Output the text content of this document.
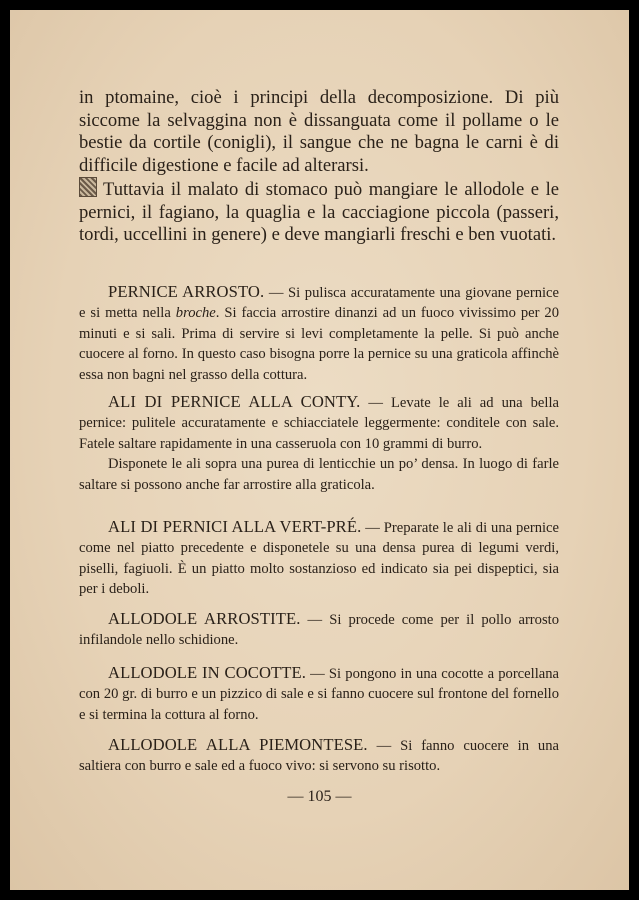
in ptomaine, cioè i principi della decomposizione. Di più siccome la selvaggina non è dissanguata come il pollame o le bestie da cortile (conigli), il sangue che ne bagna le carni è di difficile digestione e facile ad alterarsi.
Tuttavia il malato di stomaco può mangiare le allodole e le pernici, il fagiano, la quaglia e la cacciagione piccola (passeri, tordi, uccellini in genere) e deve mangiarli freschi e ben vuotati.

PERNICE ARROSTO. — Si pulisca accuratamente una giovane pernice e si metta nella broche. Si faccia arrostire dinanzi ad un fuoco vivissimo per 20 minuti e si sali. Prima di servire si levi completamente la pelle. Si può anche cuocere al forno. In questo caso bisogna porre la pernice su una graticola affinchè essa non bagni nel grasso della cottura.

ALI DI PERNICE ALLA CONTY. — Levate le ali ad una bella pernice: pulitele accuratamente e schiacciatele leggermente: conditele con sale. Fatele saltare rapidamente in una casseruola con 10 grammi di burro.

Disponete le ali sopra una purea di lenticchie un po’ densa. In luogo di farle saltare si possono anche far arrostire alla graticola.

ALI DI PERNICI ALLA VERT-PRÉ. — Preparate le ali di una pernice come nel piatto precedente e disponetele su una densa purea di legumi verdi, piselli, fagiuoli. È un piatto molto sostanzioso ed indicato sia pei dispeptici, sia per i deboli.

ALLODOLE ARROSTITE. — Si procede come per il pollo arrosto infilandole nello schidione.

ALLODOLE IN COCOTTE. — Si pongono in una cocotte a porcellana con 20 gr. di burro e un pizzico di sale e si fanno cuocere sul frontone del fornello e si termina la cottura al forno.

ALLODOLE ALLA PIEMONTESE. — Si fanno cuocere in una saltiera con burro e sale ed a fuoco vivo: si servono su risotto.

— 105 —
